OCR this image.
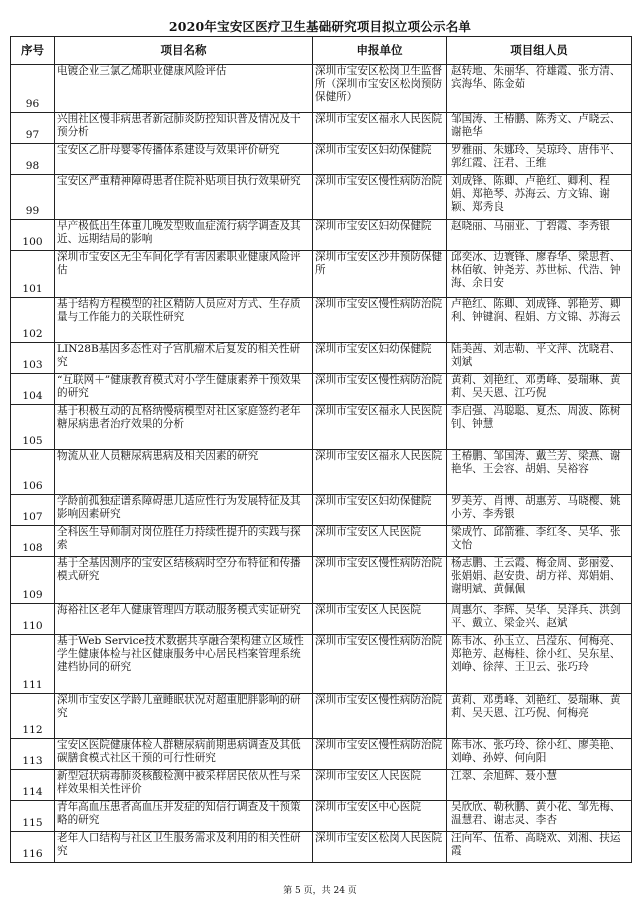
2020年宝安区医疗卫生基础研究项目拟立项公示名单
序号	项目名称	申报单位	项目组人员
96	电镀企业三氯乙烯职业健康风险评估	深圳市宝安区松岗卫生监督所（深圳市宝安区松岗预防保健所）	赵转地、朱丽华、符雄霞、张方清、宾海华、陈金茹
97	兴围社区慢非病患者新冠肺炎防控知识普及情况及干预分析	深圳市宝安区福永人民医院	邹国涛、王椿鹏、陈秀文、卢晓云、谢艳华
98	宝安区乙肝母婴零传播体系建设与效果评价研究	深圳市宝安区妇幼保健院	罗雅丽、朱娜玲、吴琼玲、唐伟平、郭红霞、汪君、王维
99	宝安区严重精神障碍患者住院补贴项目执行效果研究	深圳市宝安区慢性病防治院	刘成锋、陈卿、卢艳红、卿利、程娟、郑艳琴、苏海云、方文锦、谢颖、郑秀良
100	早产极低出生体重儿晚发型败血症流行病学调查及其近、远期结局的影响	深圳市宝安区妇幼保健院	赵晓丽、马丽亚、丁碧霞、李秀银
101	深圳市宝安区无尘车间化学有害因素职业健康风险评估	深圳市宝安区沙井预防保健所	邱奕冰、边寰锋、廖春华、梁思哲、林佰敏、钟尧芳、苏世标、代浩、钟海、余日安
102	基于结构方程模型的社区精防人员应对方式、生存质量与工作能力的关联性研究	深圳市宝安区慢性病防治院	卢艳红、陈卿、刘成锋、郭艳芳、卿利、钟键润、程娟、方文锦、苏海云
103	LIN28B基因多态性对子宫肌瘤术后复发的相关性研究	深圳市宝安区妇幼保健院	陆美茜、刘志勒、平文萍、沈晓君、刘斌
104	“互联网＋”健康教育模式对小学生健康素养干预效果的研究	深圳市宝安区慢性病防治院	黄莉、刘艳红、邓勇峰、晏瑞琳、黄莉、吴天恩、江巧倪
105	基于积极互动的瓦格纳慢病模型对社区家庭签约老年糖尿病患者治疗效果的分析	深圳市宝安区福永人民医院	李启强、冯聪聪、夏杰、周波、陈树钊、钟慧
106	物流从业人员糖尿病患病及相关因素的研究	深圳市宝安区福永人民医院	王椿鹏、邹国涛、戴兰芳、梁燕、谢艳华、王会容、胡娟、吴裕容
107	学龄前孤独症谱系障碍患儿适应性行为发展特征及其影响因素研究	深圳市宝安区妇幼保健院	罗美芳、肖博、胡惠芳、马晓樱、姚小芳、李秀银
108	全科医生导师制对岗位胜任力持续性提升的实践与探索	深圳市宝安区人民医院	梁成竹、邱箭雅、李红冬、吴华、张文怡
109	基于全基因测序的宝安区结核病时空分布特征和传播模式研究	深圳市宝安区慢性病防治院	杨志鹏、王云霞、梅金周、彭丽爱、张娟娟、赵安贵、胡方祥、郑娟娟、谢明斌、黄佩佩
110	海裕社区老年人健康管理四方联动服务模式实证研究	深圳市宝安区人民医院	周惠尔、李辉、吴华、吴泽兵、洪剑平、戴立、梁金兴、赵斌
111	基于Web Service技术数据共享融合架构建立区域性学生健康体检与社区健康服务中心居民档案管理系统建档协同的研究	深圳市宝安区慢性病防治院	陈韦冰、孙玉立、吕滢东、何梅亮、郑艳芳、赵梅桂、徐小红、吴东星、刘峥、徐萍、王卫云、张巧玲
112	深圳市宝安区学龄儿童睡眠状况对超重肥胖影响的研究	深圳市宝安区慢性病防治院	黄莉、邓勇峰、刘艳红、晏瑞琳、黄莉、吴天恩、江巧倪、何梅亮
113	宝安区医院健康体检人群糖尿病前期患病调查及其低碳膳食模式社区干预的可行性研究	深圳市宝安区慢性病防治院	陈韦冰、张巧玲、徐小红、廖美艳、刘峥、孙婷、何向阳
114	新型冠状病毒肺炎核酸检测中被采样居民依从性与采样效果相关性评价	深圳市宝安区人民医院	江翠、余旭辉、聂小慧
115	青年高血压患者高血压并发症的知信行调查及干预策略的研究	深圳市宝安区中心医院	吴欣欣、勒秋鹏、黄小花、邹先梅、温慧君、谢志灵、李杏
116	老年人口结构与社区卫生服务需求及利用的相关性研究	深圳市宝安区松岗人民医院	汪向军、伍希、高晓欢、刘湘、扶运霞
第 5 页，共 24 页
